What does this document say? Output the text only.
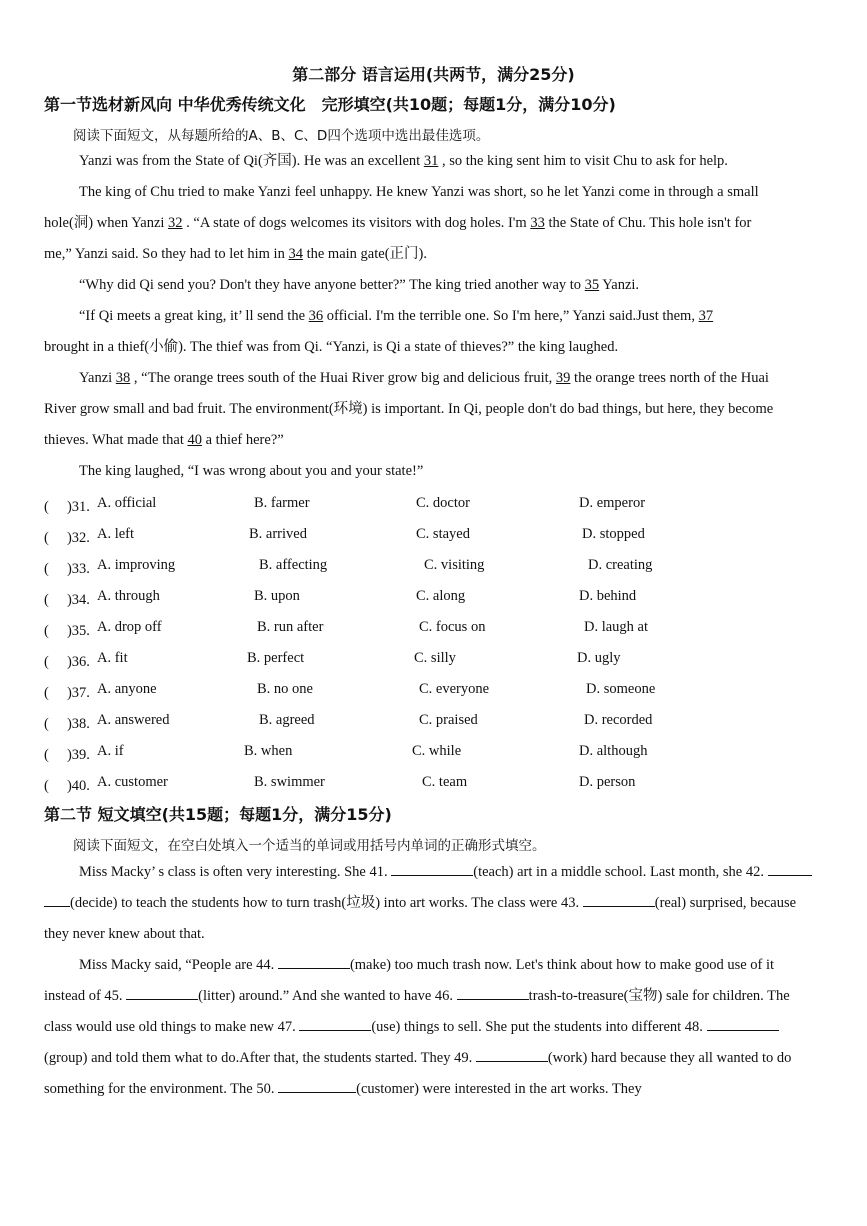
第二部分 语言运用(共两节，满分25分)
第一节选材新风向 中华优秀传统文化　完形填空(共10题；每题1分，满分10分)
阅读下面短文，从每题所给的A、B、C、D四个选项中选出最佳选项。
Yanzi was from the State of Qi(齐国). He was an excellent 31 , so the king sent him to visit Chu to ask for help.
The king of Chu tried to make Yanzi feel unhappy. He knew Yanzi was short, so he let Yanzi come in through a small
hole(洞) when Yanzi 32 . “A state of dogs welcomes its visitors with dog holes. I'm 33 the State of Chu. This hole isn't for
me,” Yanzi said. So they had to let him in 34 the main gate(正门).
“Why did Qi send you? Don't they have anyone better?” The king tried another way to 35 Yanzi.
“If Qi meets a great king, it’ ll send the 36 official. I'm the terrible one. So I'm here,” Yanzi said.Just them, 37
brought in a thief(小偷). The thief was from Qi. “Yanzi, is Qi a state of thieves?” the king laughed.
Yanzi 38 , “The orange trees south of the Huai River grow big and delicious fruit, 39 the orange trees north of the Huai
River grow small and bad fruit. The environment(环境) is important. In Qi, people don't do bad things, but here, they become
thieves. What made that 40 a thief here?”
The king laughed, “I was wrong about you and your state!”
(　 )31. A. official	B. farmer	C. doctor	D. emperor
(　 )32. A. left	B. arrived	C. stayed	D. stopped
(　 )33. A. improving	B. affecting	C. visiting	D. creating
(　 )34. A. through	B. upon	C. along	D. behind
(　 )35. A. drop off	B. run after	C. focus on	D. laugh at
(　 )36. A. fit	B. perfect	C. silly	D. ugly
(　 )37. A. anyone	B. no one	C. everyone	D. someone
(　 )38. A. answered	B. agreed	C. praised	D. recorded
(　 )39. A. if	B. when	C. while	D. although
(　 )40. A. customer	B. swimmer	C. team	D. person
第二节 短文填空(共15题；每题1分，满分15分)
阅读下面短文，在空白处填入一个适当的单词或用括号内单词的正确形式填空。
Miss Macky’ s class is often very interesting. She 41.	(teach) art in a middle school. Last month, she 42.
(decide) to teach the students how to turn trash(垃圾) into art works. The class were 43.	(real) surprised, because
they never knew about that.
Miss Macky said, “People are 44.	(make) too much trash now. Let's think about how to make good use of it
instead of 45.	(litter) around.” And she wanted to have 46.	trash-to-treasure(宝物) sale for children. The
class would use old things to make new 47.	(use) things to sell. She put the students into different 48.
(group) and told them what to do.After that, the students started. They 49.	(work) hard because they all wanted to do
something for the environment. The 50.	(customer) were interested in the art works. They
